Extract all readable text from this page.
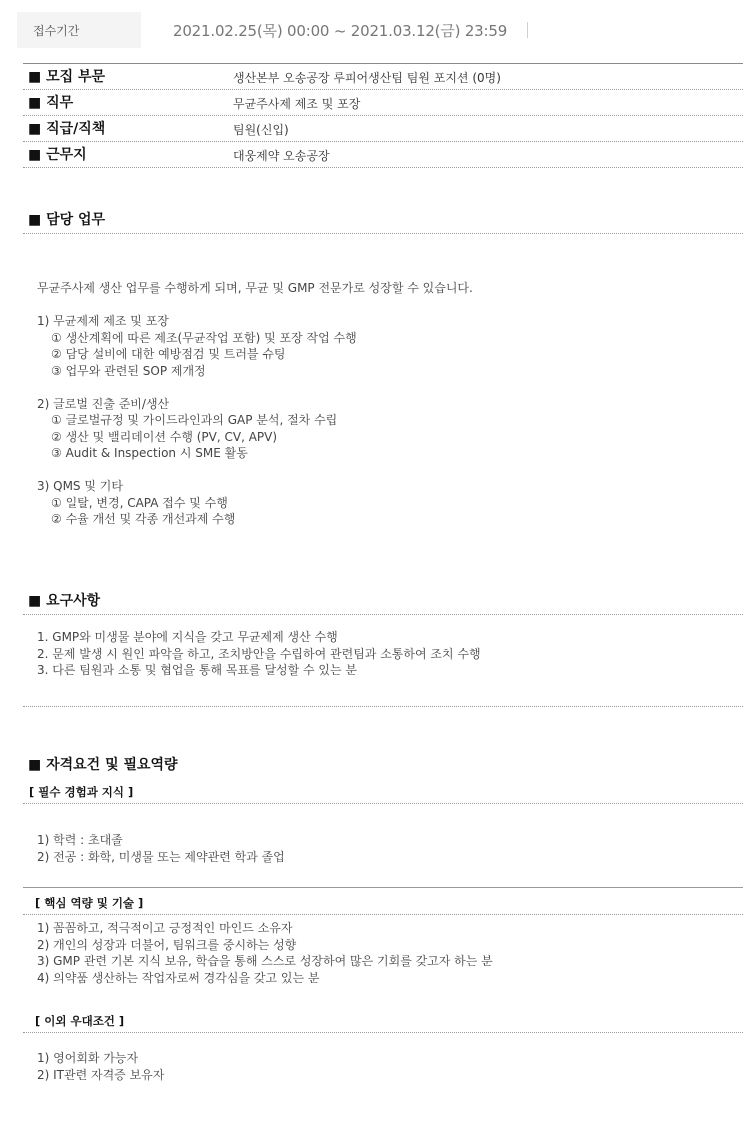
접수기간	2021.02.25(목) 00:00 ~ 2021.03.12(금) 23:59
■ 모집 부문	생산본부 오송공장 루피어생산팀 팀원 포지션 (0명)
■ 직무	무균주사제 제조 및 포장
■ 직급/직책	팀원(신입)
■ 근무지	대웅제약 오송공장
■ 담당 업무
무균주사제 생산 업무를 수행하게 되며, 무균 및 GMP 전문가로 성장할 수 있습니다.
1) 무균제제 제조 및 포장
① 생산계획에 따른 제조(무균작업 포함) 및 포장 작업 수행
② 담당 설비에 대한 예방점검 및 트러블 슈팅
③ 업무와 관련된 SOP 제개정
2) 글로벌 진출 준비/생산
① 글로벌규정 및 가이드라인과의 GAP 분석, 절차 수립
② 생산 및 밸리데이션 수행 (PV, CV, APV)
③ Audit & Inspection 시 SME 활동
3) QMS 및 기타
① 일탈, 변경, CAPA 접수 및 수행
② 수율 개선 및 각종 개선과제 수행
■ 요구사항
1. GMP와 미생물 분야에 지식을 갖고 무균제제 생산 수행
2. 문제 발생 시 원인 파악을 하고, 조치방안을 수립하여 관련팀과 소통하여 조치 수행
3. 다른 팀원과 소통 및 협업을 통해 목표를 달성할 수 있는 분
■ 자격요건 및 필요역량
[ 필수 경험과 지식 ]
1) 학력 : 초대졸
2) 전공 : 화학, 미생물 또는 제약관련 학과 졸업
[ 핵심 역량 및 기술 ]
1) 꼼꼼하고, 적극적이고 긍정적인 마인드 소유자
2) 개인의 성장과 더불어, 팀워크를 중시하는 성향
3) GMP 관련 기본 지식 보유, 학습을 통해 스스로 성장하여 많은 기회를 갖고자 하는 분
4) 의약품 생산하는 작업자로써 경각심을 갖고 있는 분
[ 이외 우대조건 ]
1) 영어회화 가능자
2) IT관련 자격증 보유자
